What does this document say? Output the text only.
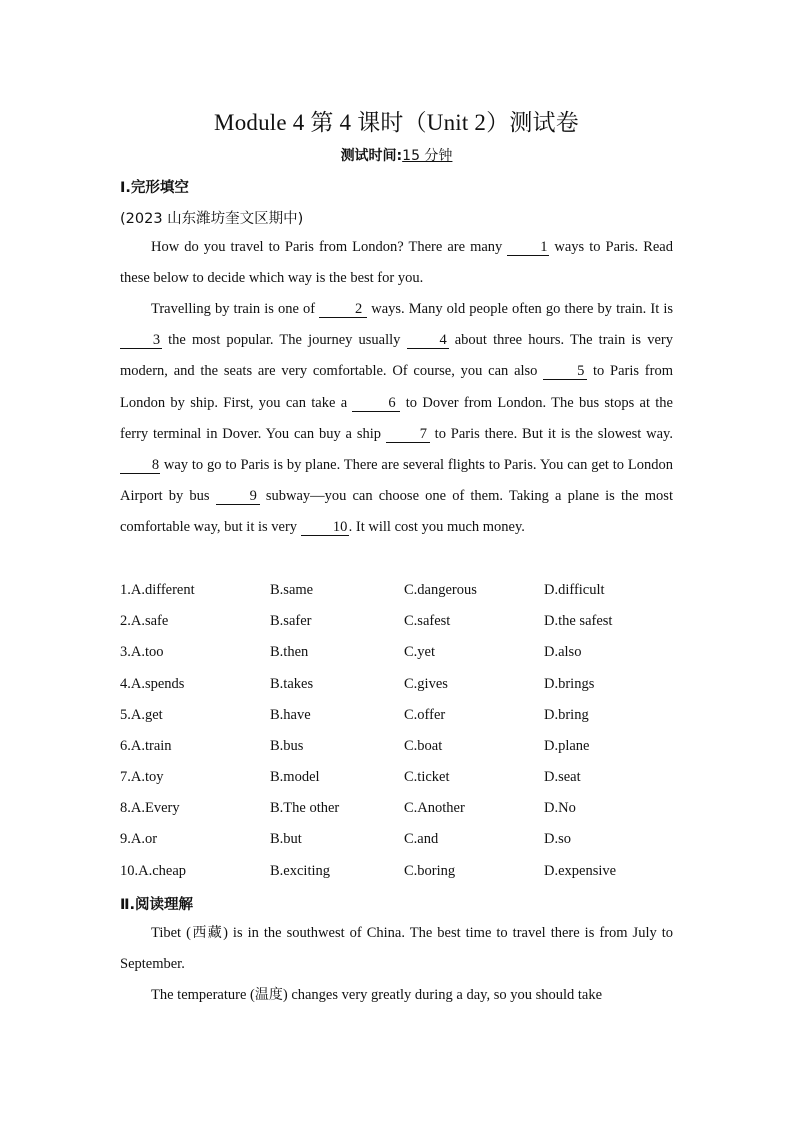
Module 4 第 4 课时（Unit 2）测试卷
测试时间:15 分钟
Ⅰ.完形填空
(2023 山东潍坊奎文区期中)
How do you travel to Paris from London? There are many 1 ways to Paris. Read these below to decide which way is the best for you.
Travelling by train is one of 2 ways. Many old people often go there by train. It is 3 the most popular. The journey usually 4 about three hours. The train is very modern, and the seats are very comfortable. Of course, you can also 5 to Paris from London by ship. First, you can take a 6 to Dover from London. The bus stops at the ferry terminal in Dover. You can buy a ship 7 to Paris there. But it is the slowest way. 8 way to go to Paris is by plane. There are several flights to Paris. You can get to London Airport by bus 9 subway—you can choose one of them. Taking a plane is the most comfortable way, but it is very 10. It will cost you much money.
1.A.different	B.same	C.dangerous	D.difficult
2.A.safe	B.safer	C.safest	D.the safest
3.A.too	B.then	C.yet	D.also
4.A.spends	B.takes	C.gives	D.brings
5.A.get	B.have	C.offer	D.bring
6.A.train	B.bus	C.boat	D.plane
7.A.toy	B.model	C.ticket	D.seat
8.A.Every	B.The other	C.Another	D.No
9.A.or	B.but	C.and	D.so
10.A.cheap	B.exciting	C.boring	D.expensive
Ⅱ.阅读理解
Tibet (西藏) is in the southwest of China. The best time to travel there is from July to September.
The temperature (温度) changes very greatly during a day, so you should take
